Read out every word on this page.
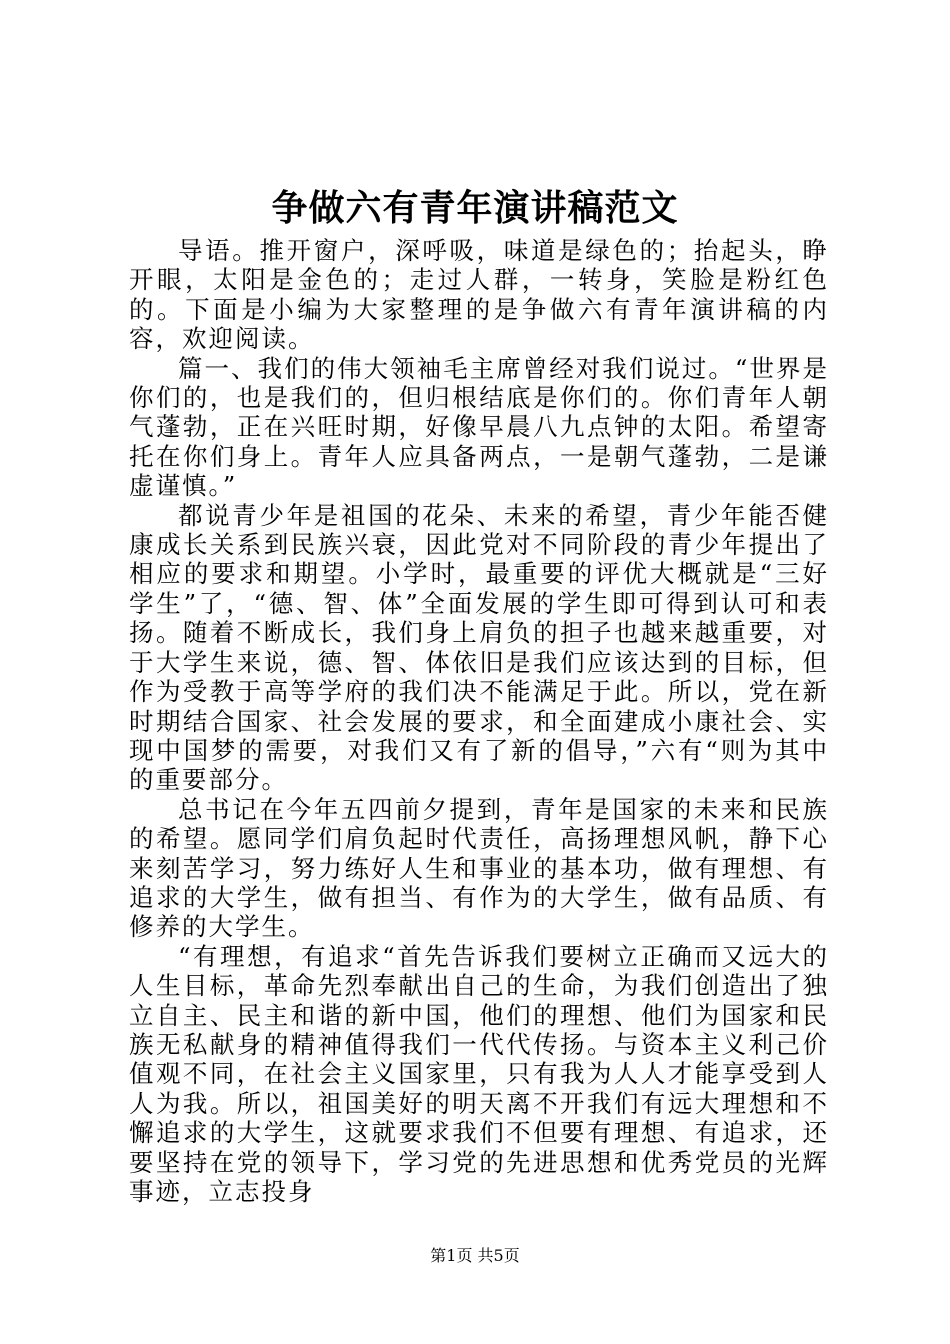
争做六有青年演讲稿范文

导语。推开窗户，深呼吸，味道是绿色的；抬起头，睁开眼，太阳是金色的；走过人群，一转身，笑脸是粉红色的。下面是小编为大家整理的是争做六有青年演讲稿的内容，欢迎阅读。

篇一、我们的伟大领袖毛主席曾经对我们说过。“世界是你们的，也是我们的，但归根结底是你们的。你们青年人朝气蓬勃，正在兴旺时期，好像早晨八九点钟的太阳。希望寄托在你们身上。青年人应具备两点，一是朝气蓬勃，二是谦虚谨慎。”

都说青少年是祖国的花朵、未来的希望，青少年能否健康成长关系到民族兴衰，因此党对不同阶段的青少年提出了相应的要求和期望。小学时，最重要的评优大概就是“三好学生”了，“德、智、体”全面发展的学生即可得到认可和表扬。随着不断成长，我们身上肩负的担子也越来越重要，对于大学生来说，德、智、体依旧是我们应该达到的目标，但作为受教于高等学府的我们决不能满足于此。所以，党在新时期结合国家、社会发展的要求，和全面建成小康社会、实现中国梦的需要，对我们又有了新的倡导，”六有“则为其中的重要部分。

总书记在今年五四前夕提到，青年是国家的未来和民族的希望。愿同学们肩负起时代责任，高扬理想风帆，静下心来刻苦学习，努力练好人生和事业的基本功，做有理想、有追求的大学生，做有担当、有作为的大学生，做有品质、有修养的大学生。

“有理想，有追求“首先告诉我们要树立正确而又远大的人生目标，革命先烈奉献出自己的生命，为我们创造出了独立自主、民主和谐的新中国，他们的理想、他们为国家和民族无私献身的精神值得我们一代代传扬。与资本主义利己价值观不同，在社会主义国家里，只有我为人人才能享受到人人为我。所以，祖国美好的明天离不开我们有远大理想和不懈追求的大学生，这就要求我们不但要有理想、有追求，还要坚持在党的领导下，学习党的先进思想和优秀党员的光辉事迹，立志投身

第1页 共5页
